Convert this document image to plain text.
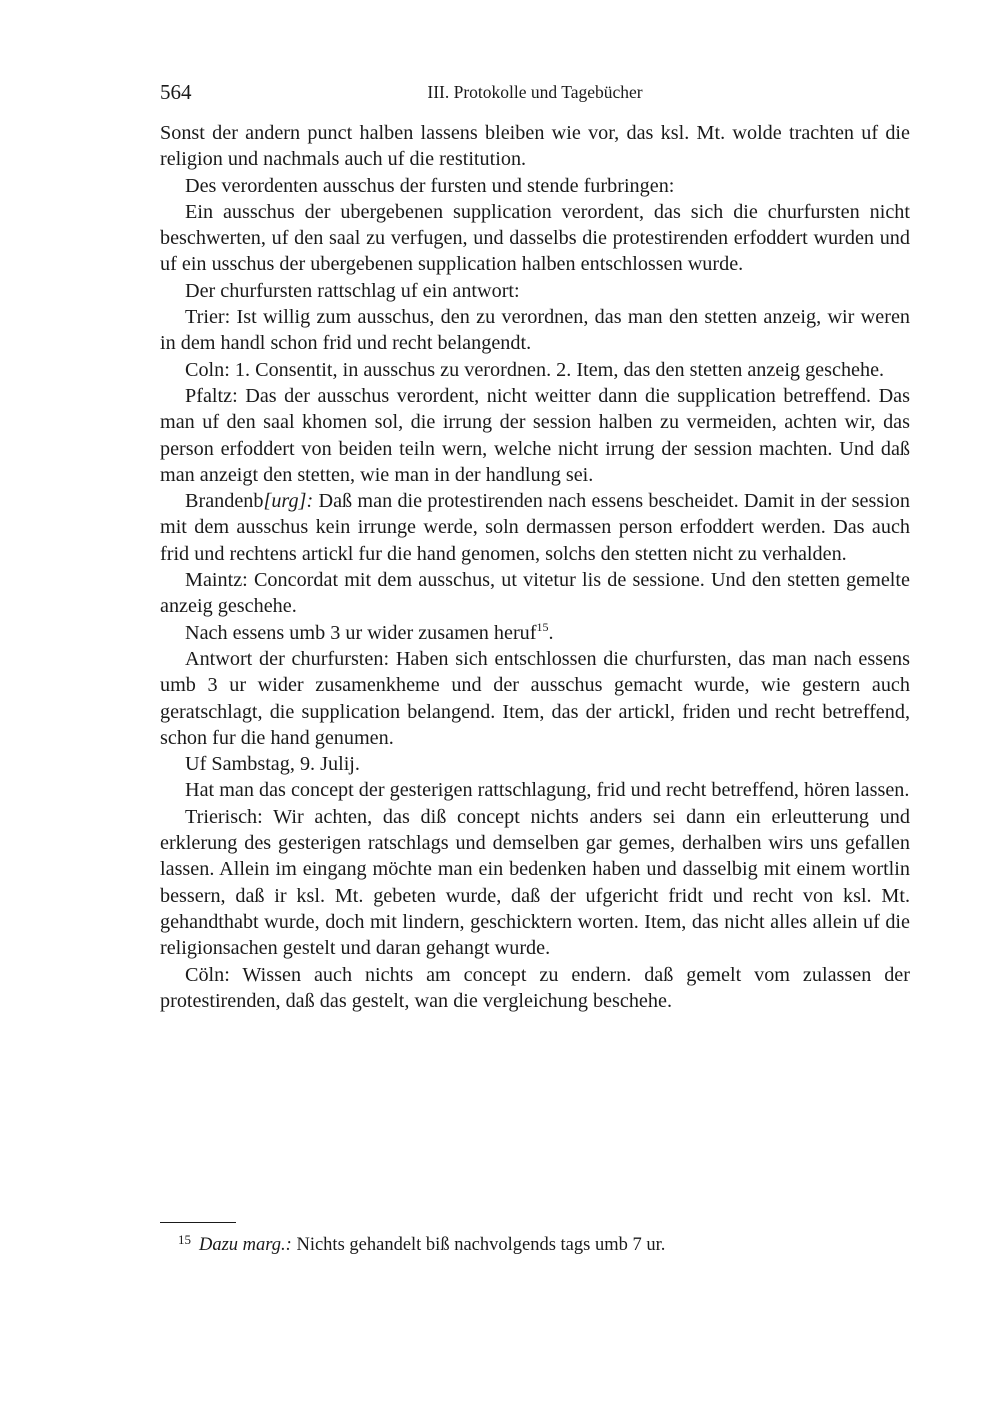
564	III. Protokolle und Tagebücher

Sonst der andern punct halben lassens bleiben wie vor, das ksl. Mt. wolde trachten uf die religion und nachmals auch uf die restitution.

Des verordenten ausschus der fursten und stende furbringen:

Ein ausschus der ubergebenen supplication verordent, das sich die churfursten nicht beschwerten, uf den saal zu verfugen, und dasselbs die protestirenden erfoddert wurden und uf ein usschus der ubergebenen supplication halben entschlossen wurde.

Der churfursten rattschlag uf ein antwort:

Trier: Ist willig zum ausschus, den zu verordnen, das man den stetten anzeig, wir weren in dem handl schon frid und recht belangendt.

Coln: 1. Consentit, in ausschus zu verordnen. 2. Item, das den stetten anzeig geschehe.

Pfaltz: Das der ausschus verordent, nicht weitter dann die supplication betreffend. Das man uf den saal khomen sol, die irrung der session halben zu vermeiden, achten wir, das person erfoddert von beiden teiln wern, welche nicht irrung der session machten. Und daß man anzeigt den stetten, wie man in der handlung sei.

Brandenb[urg]: Daß man die protestirenden nach essens bescheidet. Damit in der session mit dem ausschus kein irrunge werde, soln dermassen person erfoddert werden. Das auch frid und rechtens artickl fur die hand genomen, solchs den stetten nicht zu verhalden.

Maintz: Concordat mit dem ausschus, ut vitetur lis de sessione. Und den stetten gemelte anzeig geschehe.

Nach essens umb 3 ur wider zusamen heruf$^{15}$.

Antwort der churfursten: Haben sich entschlossen die churfursten, das man nach essens umb 3 ur wider zusamenkheme und der ausschus gemacht wurde, wie gestern auch geratschlagt, die supplication belangend. Item, das der artickl, friden und recht betreffend, schon fur die hand genumen.

Uf Sambstag, 9. Julij.

Hat man das concept der gesterigen rattschlagung, frid und recht betreffend, hören lassen.

Trierisch: Wir achten, das diß concept nichts anders sei dann ein erleutterung und erklerung des gesterigen ratschlags und demselben gar gemes, derhalben wirs uns gefallen lassen. Allein im eingang möchte man ein bedenken haben und dasselbig mit einem wortlin bessern, daß ir ksl. Mt. gebeten wurde, daß der ufgericht fridt und recht von ksl. Mt. gehandthabt wurde, doch mit lindern, geschicktern worten. Item, das nicht alles allein uf die religionsachen gestelt und daran gehangt wurde.

Cöln: Wissen auch nichts am concept zu endern. daß gemelt vom zulassen der protestirenden, daß das gestelt, wan die vergleichung beschehe.

$^{15}$ Dazu marg.: Nichts gehandelt biß nachvolgends tags umb 7 ur.
